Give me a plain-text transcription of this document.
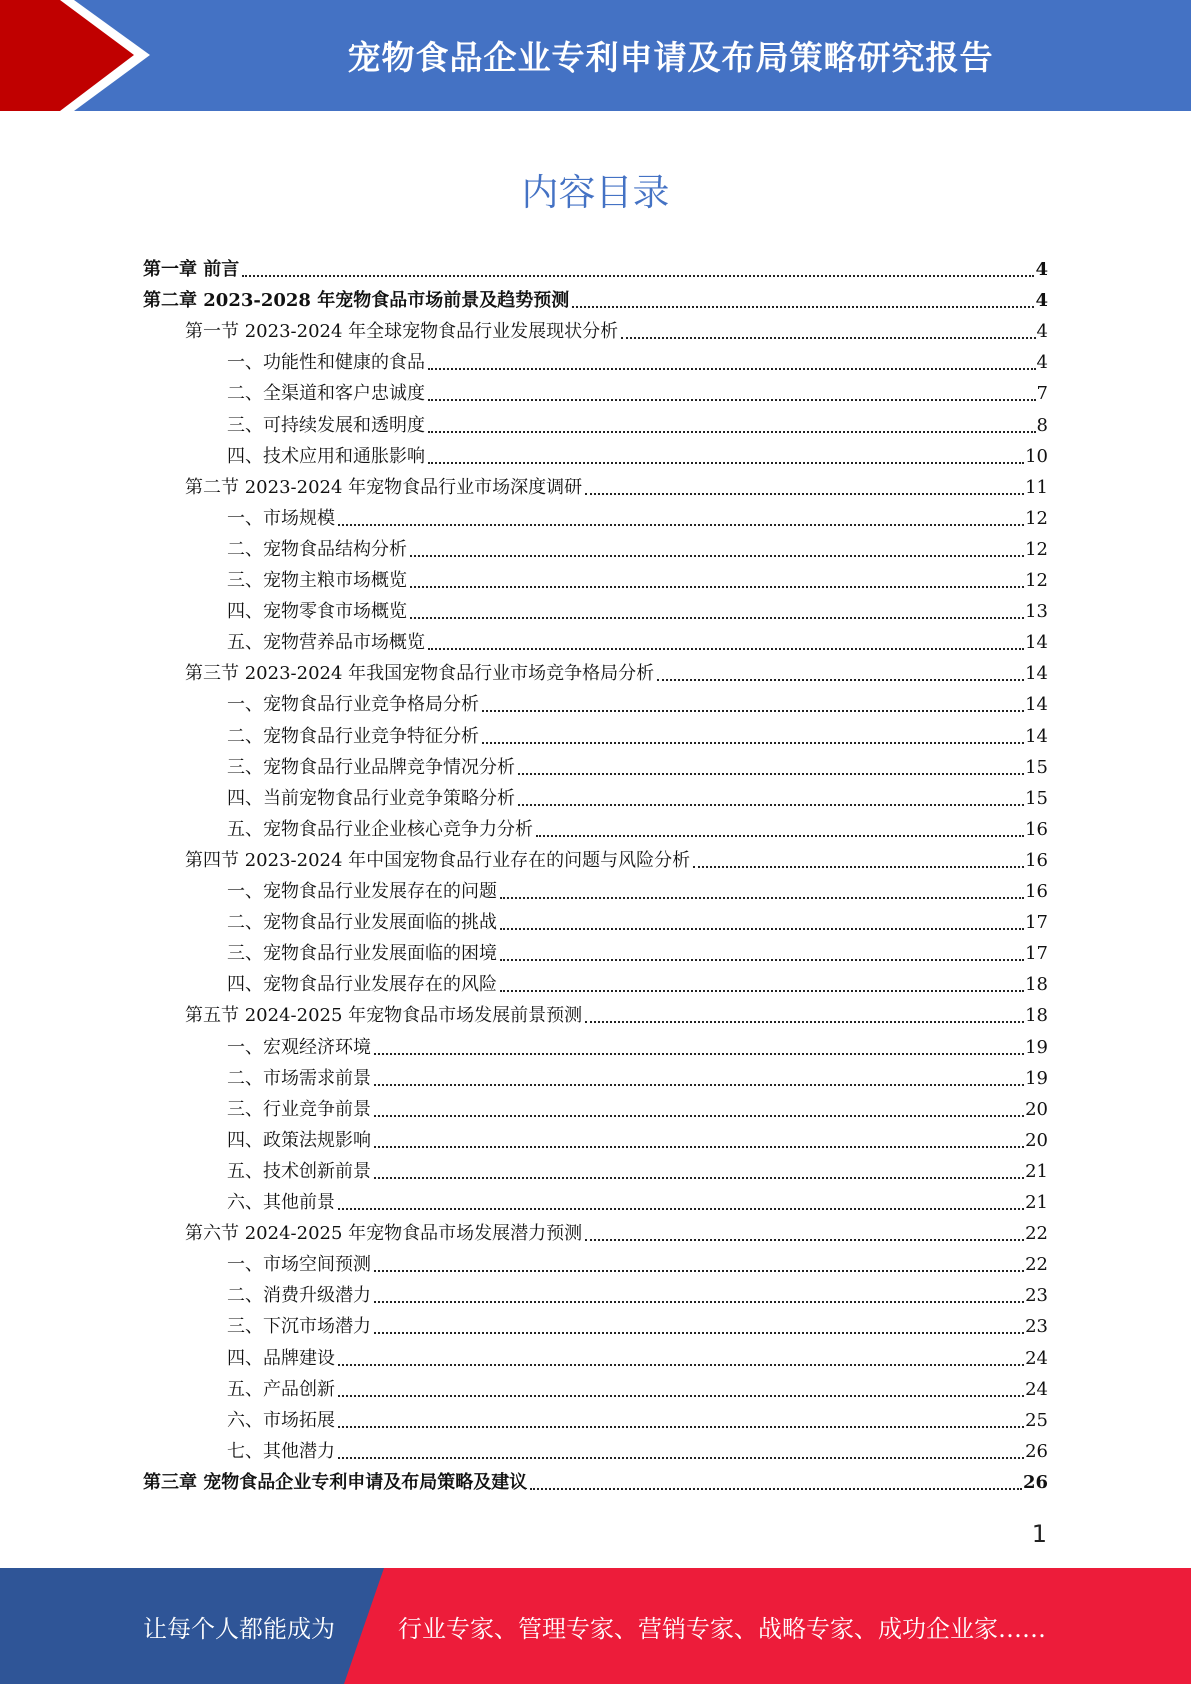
宠物食品企业专利申请及布局策略研究报告
内容目录
第一章 前言	4
第二章 2023-2028 年宠物食品市场前景及趋势预测	4
第一节 2023-2024 年全球宠物食品行业发展现状分析	4
一、功能性和健康的食品	4
二、全渠道和客户忠诚度	7
三、可持续发展和透明度	8
四、技术应用和通胀影响	10
第二节 2023-2024 年宠物食品行业市场深度调研	11
一、市场规模	12
二、宠物食品结构分析	12
三、宠物主粮市场概览	12
四、宠物零食市场概览	13
五、宠物营养品市场概览	14
第三节 2023-2024 年我国宠物食品行业市场竞争格局分析	14
一、宠物食品行业竞争格局分析	14
二、宠物食品行业竞争特征分析	14
三、宠物食品行业品牌竞争情况分析	15
四、当前宠物食品行业竞争策略分析	15
五、宠物食品行业企业核心竞争力分析	16
第四节 2023-2024 年中国宠物食品行业存在的问题与风险分析	16
一、宠物食品行业发展存在的问题	16
二、宠物食品行业发展面临的挑战	17
三、宠物食品行业发展面临的困境	17
四、宠物食品行业发展存在的风险	18
第五节 2024-2025 年宠物食品市场发展前景预测	18
一、宏观经济环境	19
二、市场需求前景	19
三、行业竞争前景	20
四、政策法规影响	20
五、技术创新前景	21
六、其他前景	21
第六节 2024-2025 年宠物食品市场发展潜力预测	22
一、市场空间预测	22
二、消费升级潜力	23
三、下沉市场潜力	23
四、品牌建设	24
五、产品创新	24
六、市场拓展	25
七、其他潜力	26
第三章 宠物食品企业专利申请及布局策略及建议	26
1
让每个人都能成为	行业专家、管理专家、营销专家、战略专家、成功企业家……
